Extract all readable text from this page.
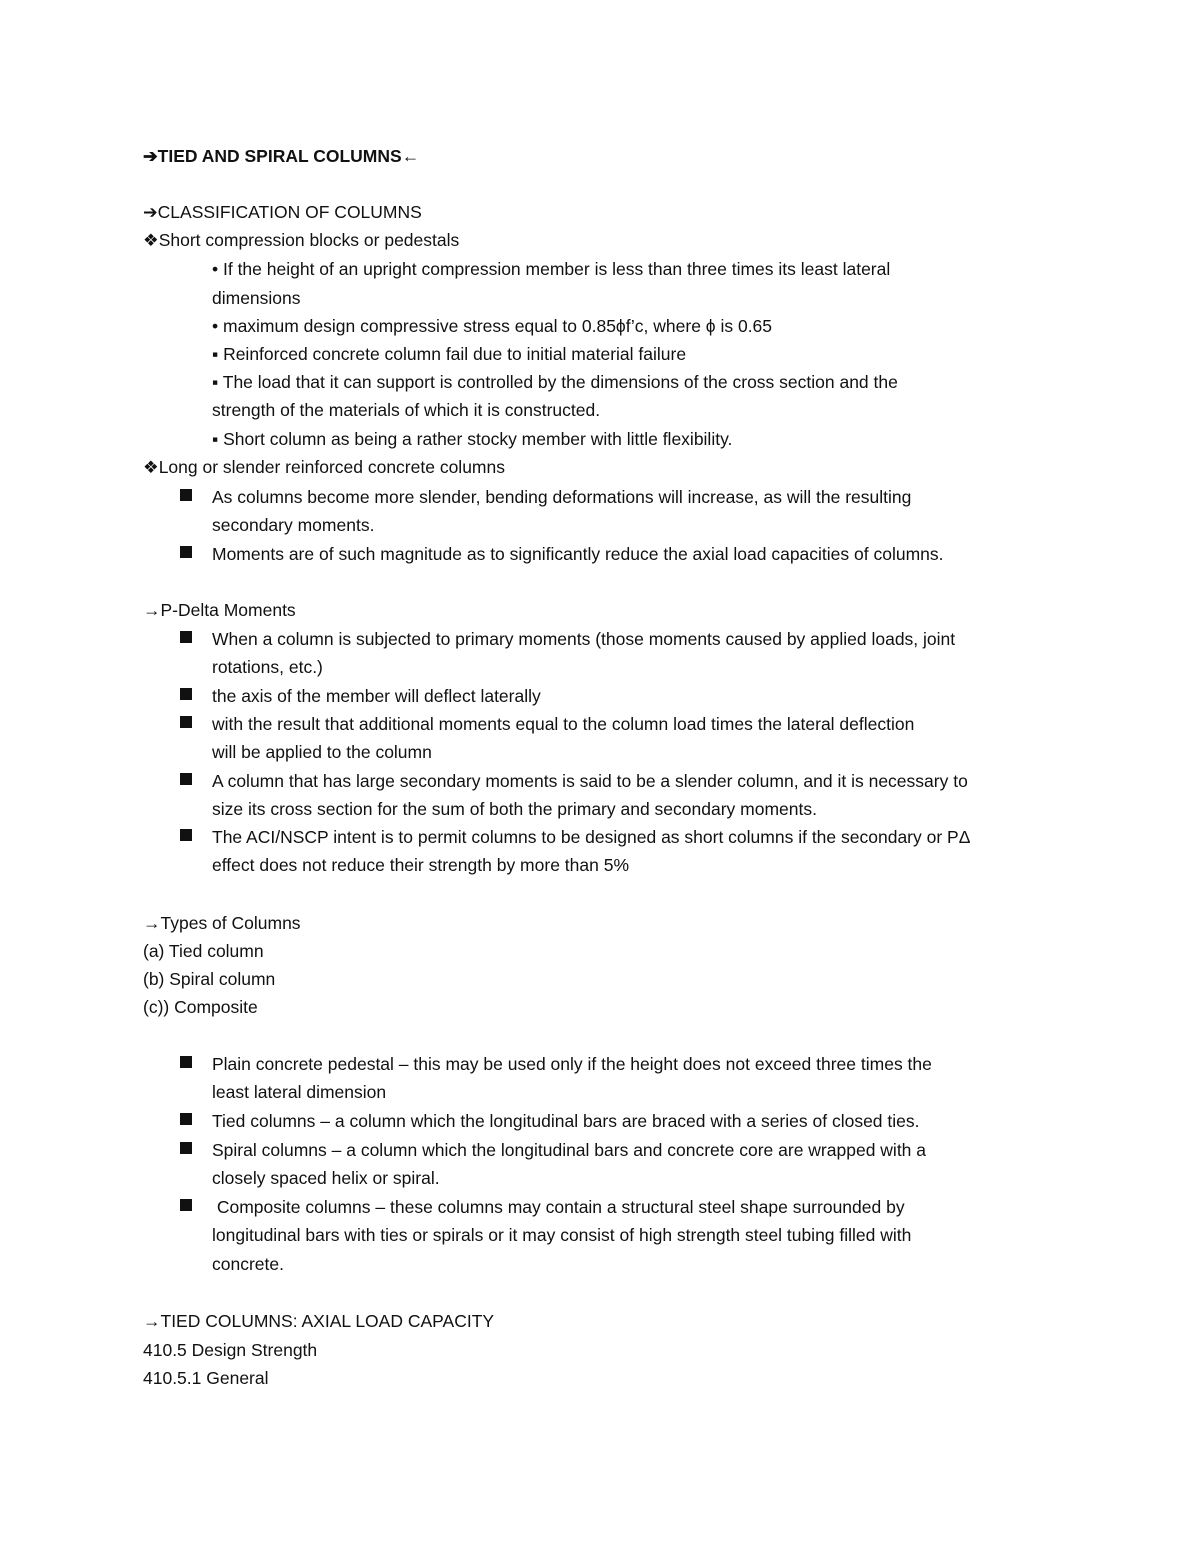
➔TIED AND SPIRAL COLUMNS←
➔CLASSIFICATION OF COLUMNS
❖Short compression blocks or pedestals
• If the height of an upright compression member is less than three times its least lateral
dimensions
• maximum design compressive stress equal to 0.85ϕf’c, where ϕ is 0.65
▪ Reinforced concrete column fail due to initial material failure
▪ The load that it can support is controlled by the dimensions of the cross section and the
strength of the materials of which it is constructed.
▪ Short column as being a rather stocky member with little flexibility.
❖Long or slender reinforced concrete columns
As columns become more slender, bending deformations will increase, as will the resulting
secondary moments.
Moments are of such magnitude as to significantly reduce the axial load capacities of columns.
→P-Delta Moments
When a column is subjected to primary moments (those moments caused by applied loads, joint
rotations, etc.)
the axis of the member will deflect laterally
with the result that additional moments equal to the column load times the lateral deflection
will be applied to the column
A column that has large secondary moments is said to be a slender column, and it is necessary to
size its cross section for the sum of both the primary and secondary moments.
The ACI/NSCP intent is to permit columns to be designed as short columns if the secondary or PΔ
effect does not reduce their strength by more than 5%
→Types of Columns
(a) Tied column
(b) Spiral column
(c)) Composite
Plain concrete pedestal – this may be used only if the height does not exceed three times the
least lateral dimension
Tied columns – a column which the longitudinal bars are braced with a series of closed ties.
Spiral columns – a column which the longitudinal bars and concrete core are wrapped with a
closely spaced helix or spiral.
Composite columns – these columns may contain a structural steel shape surrounded by
longitudinal bars with ties or spirals or it may consist of high strength steel tubing filled with
concrete.
→TIED COLUMNS: AXIAL LOAD CAPACITY
410.5 Design Strength
410.5.1 General
